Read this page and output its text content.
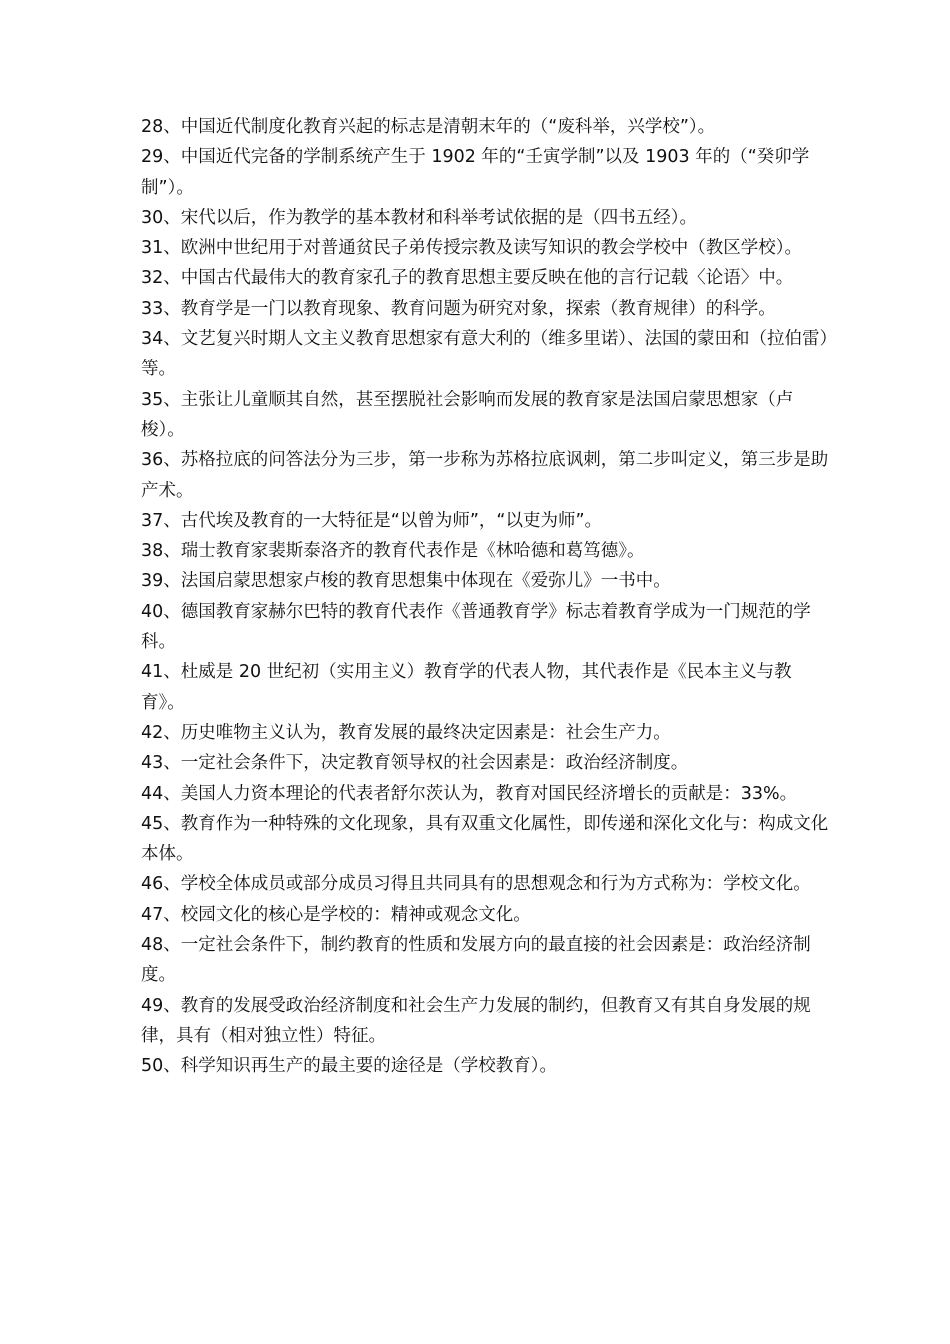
28、中国近代制度化教育兴起的标志是清朝末年的（“废科举，兴学校”）。

29、中国近代完备的学制系统产生于 1902 年的“壬寅学制”以及 1903 年的（“癸卯学制”）。

30、宋代以后，作为教学的基本教材和科举考试依据的是（四书五经）。

31、欧洲中世纪用于对普通贫民子弟传授宗教及读写知识的教会学校中（教区学校）。

32、中国古代最伟大的教育家孔子的教育思想主要反映在他的言行记载〈论语〉中。

33、教育学是一门以教育现象、教育问题为研究对象，探索（教育规律）的科学。

34、文艺复兴时期人文主义教育思想家有意大利的（维多里诺）、法国的蒙田和（拉伯雷）等。

35、主张让儿童顺其自然，甚至摆脱社会影响而发展的教育家是法国启蒙思想家（卢梭）。

36、苏格拉底的问答法分为三步，第一步称为苏格拉底讽刺，第二步叫定义，第三步是助产术。

37、古代埃及教育的一大特征是“以曾为师”，“以吏为师”。

38、瑞士教育家裴斯泰洛齐的教育代表作是《林哈德和葛笃德》。

39、法国启蒙思想家卢梭的教育思想集中体现在《爱弥儿》一书中。

40、德国教育家赫尔巴特的教育代表作《普通教育学》标志着教育学成为一门规范的学科。

41、杜威是 20 世纪初（实用主义）教育学的代表人物，其代表作是《民本主义与教育》。

42、历史唯物主义认为，教育发展的最终决定因素是：社会生产力。

43、一定社会条件下，决定教育领导权的社会因素是：政治经济制度。

44、美国人力资本理论的代表者舒尔茨认为，教育对国民经济增长的贡献是：33%。

45、教育作为一种特殊的文化现象，具有双重文化属性，即传递和深化文化与：构成文化本体。

46、学校全体成员或部分成员习得且共同具有的思想观念和行为方式称为：学校文化。

47、校园文化的核心是学校的：精神或观念文化。

48、一定社会条件下，制约教育的性质和发展方向的最直接的社会因素是：政治经济制度。

49、教育的发展受政治经济制度和社会生产力发展的制约，但教育又有其自身发展的规律，具有（相对独立性）特征。

50、科学知识再生产的最主要的途径是（学校教育）。
